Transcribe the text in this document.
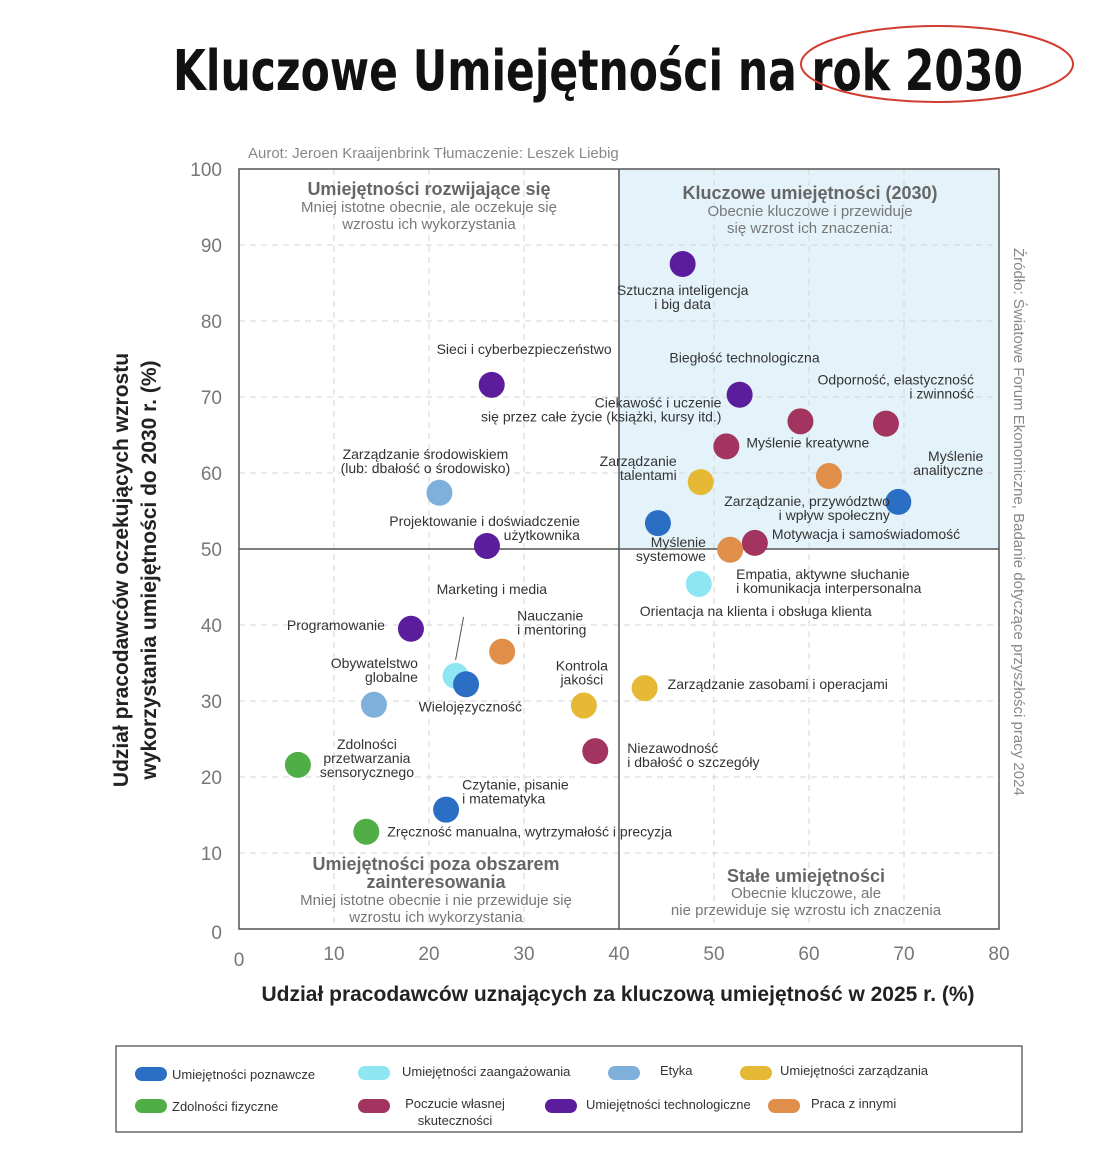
Kluczowe Umiejętności na rok 2030
Aurot: Jeroen Kraaijenbrink Tłumaczenie: Leszek Liebig
0
10
20
30
40
50
60
70
80
90
100
0	10	20	30	40	50	60	70	80
Udział pracodawców uznających za kluczową umiejętność w 2025 r. (%)
Udział pracodawców oczekujących wzrostu wykorzystania umiejętności do 2030 r. (%)	Źródło: Światowe Forum Ekonomiczne, Badanie dotyczące przyszłości pracy 2024
Umiejętności rozwijające się
Mniej istotne obecnie, ale oczekuje się
wzrostu ich wykorzystania
Kluczowe umiejętności (2030)
Obecnie kluczowe i przewiduje
się wzrost ich znaczenia:
Umiejętności poza obszarem
zainteresowania
Mniej istotne obecnie i nie przewiduje się
wzrostu ich wykorzystania
Stałe umiejętności
Obecnie kluczowe, ale
nie przewiduje się wzrostu ich znaczenia
Sztuczna inteligencja i big data
Sieci i cyberbezpieczeństwo
Biegłość technologiczna
Ciekawość i uczenie się przez całe życie (książki, kursy itd.)
Odporność, elastyczność i zwinność
Myślenie kreatywne
Zarządzanie środowiskiem (lub: dbałość o środowisko)	Zarządzanie talentami
Myślenie analityczne
Zarządzanie, przywództwo i wpływ społeczny
Myślenie systemowe
Projektowanie i doświadczenie użytkownika	Motywacja i samoświadomość
Empatia, aktywne słuchanie i komunikacja interpersonalna
Orientacja na klienta i obsługa klienta
Programowanie
Nauczanie i mentoring
Marketing i media
Wielojęzyczność
Obywatelstwo globalne	Zarządzanie zasobami i operacjami
Kontrola jakości
Niezawodność i dbałość o szczegóły
Zdolności przetwarzania sensorycznego
Czytanie, pisanie i matematyka
Zręczność manualna, wytrzymałość i precyzja
Umiejętności poznawcze	Umiejętności zaangażowania	Etyka	Umiejętności zarządzania
Zdolności fizyczne	Poczucie własnej skuteczności
Umiejętności technologiczne	Praca z innymi
